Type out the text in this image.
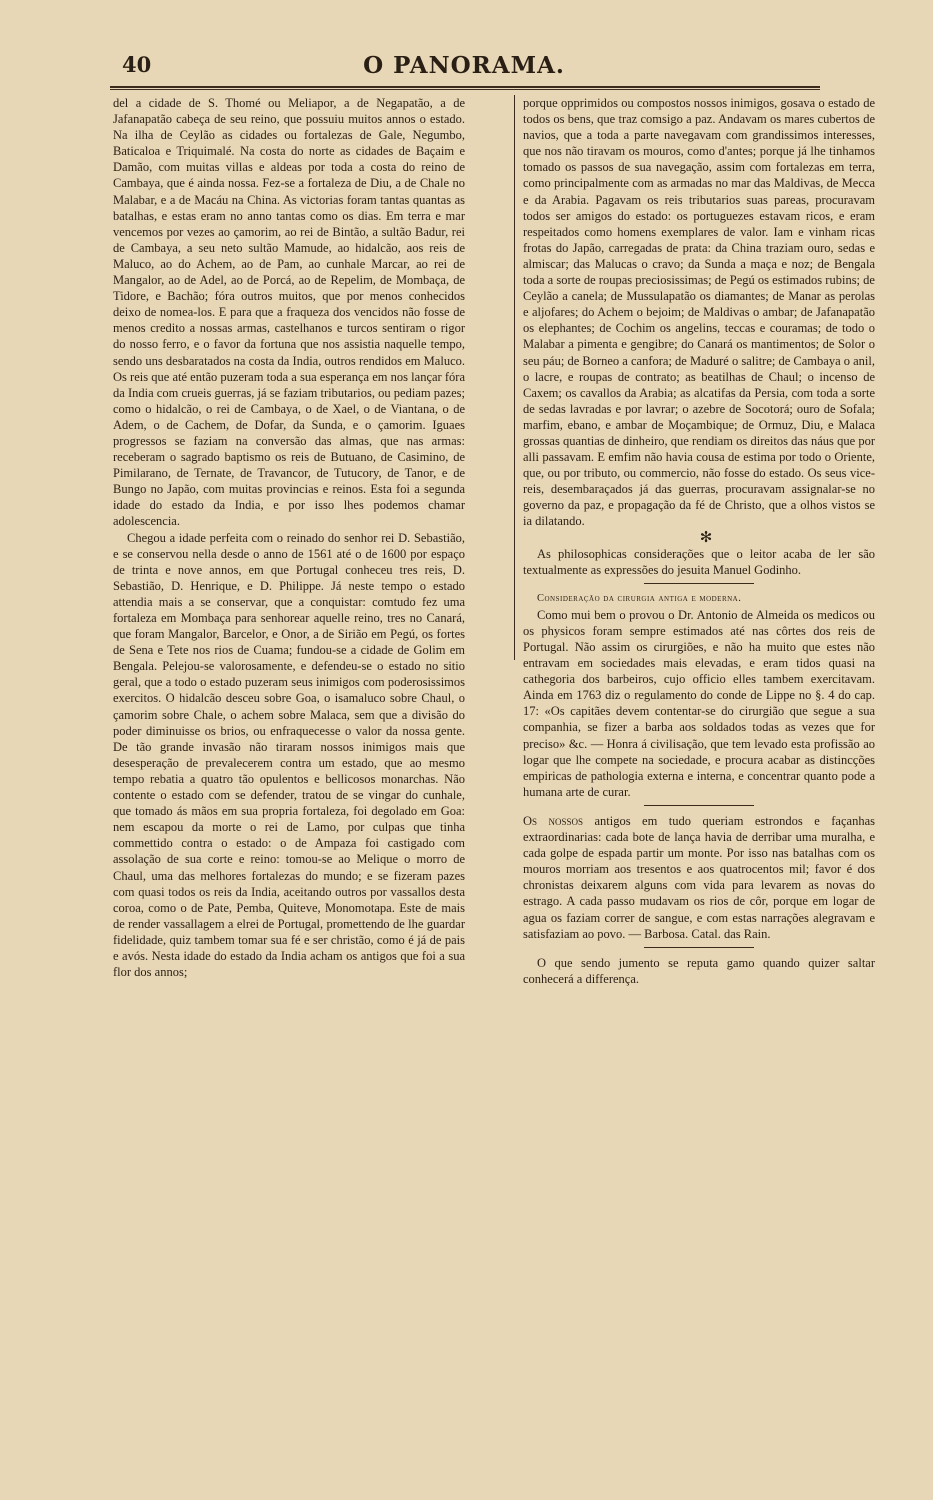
40	O PANORAMA.

del a cidade de S. Thomé ou Meliapor, a de Negapatão, a de Jafanapatão cabeça de seu reino, que possuiu muitos annos o estado. Na ilha de Ceylão as cidades ou fortalezas de Gale, Negumbo, Baticaloa e Triquimalé. Na costa do norte as cidades de Baçaim e Damão, com muitas villas e aldeas por toda a costa do reino de Cambaya, que é ainda nossa. Fez-se a fortaleza de Diu, a de Chale no Malabar, e a de Macáu na China. As victorias foram tantas quantas as batalhas, e estas eram no anno tantas como os dias. Em terra e mar vencemos por vezes ao çamorim, ao rei de Bintão, a sultão Badur, rei de Cambaya, a seu neto sultão Mamude, ao hidalcão, aos reis de Maluco, ao do Achem, ao de Pam, ao cunhale Marcar, ao rei de Mangalor, ao de Adel, ao de Porcá, ao de Repelim, de Mombaça, de Tidore, e Bachão; fóra outros muitos, que por menos conhecidos deixo de nomea-los. E para que a fraqueza dos vencidos não fosse de menos credito a nossas armas, castelhanos e turcos sentiram o rigor do nosso ferro, e o favor da fortuna que nos assistia naquelle tempo, sendo uns desbaratados na costa da India, outros rendidos em Maluco. Os reis que até então puzeram toda a sua esperança em nos lançar fóra da India com crueis guerras, já se faziam tributarios, ou pediam pazes; como o hidalcão, o rei de Cambaya, o de Xael, o de Viantana, o de Adem, o de Cachem, de Dofar, da Sunda, e o çamorim. Iguaes progressos se faziam na conversão das almas, que nas armas: receberam o sagrado baptismo os reis de Butuano, de Casimino, de Pimilarano, de Ternate, de Travancor, de Tutucory, de Tanor, e de Bungo no Japão, com muitas provincias e reinos. Esta foi a segunda idade do estado da India, e por isso lhes podemos chamar adolescencia.

Chegou a idade perfeita com o reinado do senhor rei D. Sebastião, e se conservou nella desde o anno de 1561 até o de 1600 por espaço de trinta e nove annos, em que Portugal conheceu tres reis, D. Sebastião, D. Henrique, e D. Philippe. Já neste tempo o estado attendia mais a se conservar, que a conquistar: comtudo fez uma fortaleza em Mombaça para senhorear aquelle reino, tres no Canará, que foram Mangalor, Barcelor, e Onor, a de Sirião em Pegú, os fortes de Sena e Tete nos rios de Cuama; fundou-se a cidade de Golim em Bengala. Pelejou-se valorosamente, e defendeu-se o estado no sitio geral, que a todo o estado puzeram seus inimigos com poderosissimos exercitos. O hidalcão desceu sobre Goa, o isamaluco sobre Chaul, o çamorim sobre Chale, o achem sobre Malaca, sem que a divisão do poder diminuisse os brios, ou enfraquecesse o valor da nossa gente. De tão grande invasão não tiraram nossos inimigos mais que desesperação de prevalecerem contra um estado, que ao mesmo tempo rebatia a quatro tão opulentos e bellicosos monarchas. Não contente o estado com se defender, tratou de se vingar do cunhale, que tomado ás mãos em sua propria fortaleza, foi degolado em Goa: nem escapou da morte o rei de Lamo, por culpas que tinha commettido contra o estado: o de Ampaza foi castigado com assolação de sua corte e reino: tomou-se ao Melique o morro de Chaul, uma das melhores fortalezas do mundo; e se fizeram pazes com quasi todos os reis da India, aceitando outros por vassallos desta coroa, como o de Pate, Pemba, Quiteve, Monomotapa. Este de mais de render vassallagem a elrei de Portugal, promettendo de lhe guardar fidelidade, quiz tambem tomar sua fé e ser christão, como é já de pais e avós. Nesta idade do estado da India acham os antigos que foi a sua flor dos annos;

porque opprimidos ou compostos nossos inimigos, gosava o estado de todos os bens, que traz comsigo a paz. Andavam os mares cubertos de navios, que a toda a parte navegavam com grandissimos interesses, que nos não tiravam os mouros, como d'antes; porque já lhe tinhamos tomado os passos de sua navegação, assim com fortalezas em terra, como principalmente com as armadas no mar das Maldivas, de Mecca e da Arabia. Pagavam os reis tributarios suas pareas, procuravam todos ser amigos do estado: os portuguezes estavam ricos, e eram respeitados como homens exemplares de valor. Iam e vinham ricas frotas do Japão, carregadas de prata: da China traziam ouro, sedas e almiscar; das Malucas o cravo; da Sunda a maça e noz; de Bengala toda a sorte de roupas preciosissimas; de Pegú os estimados rubins; de Ceylão a canela; de Mussulapatão os diamantes; de Manar as perolas e aljofares; do Achem o bejoim; de Maldivas o ambar; de Jafanapatão os elephantes; de Cochim os angelins, teccas e couramas; de todo o Malabar a pimenta e gengibre; do Canará os mantimentos; de Solor o seu páu; de Borneo a canfora; de Maduré o salitre; de Cambaya o anil, o lacre, e roupas de contrato; as beatilhas de Chaul; o incenso de Caxem; os cavallos da Arabia; as alcatifas da Persia, com toda a sorte de sedas lavradas e por lavrar; o azebre de Socotorá; ouro de Sofala; marfim, ebano, e ambar de Moçambique; de Ormuz, Diu, e Malaca grossas quantias de dinheiro, que rendiam os direitos das náus que por alli passavam. E emfim não havia cousa de estima por todo o Oriente, que, ou por tributo, ou commercio, não fosse do estado. Os seus vice-reis, desembaraçados já das guerras, procuravam assignalar-se no governo da paz, e propagação da fé de Christo, que a olhos vistos se ia dilatando.

✻

As philosophicas considerações que o leitor acaba de ler são textualmente as expressões do jesuita Manuel Godinho.

Consideração da cirurgia antiga e moderna.

Como mui bem o provou o Dr. Antonio de Almeida os medicos ou os physicos foram sempre estimados até nas côrtes dos reis de Portugal. Não assim os cirurgiões, e não ha muito que estes não entravam em sociedades mais elevadas, e eram tidos quasi na cathegoria dos barbeiros, cujo officio elles tambem exercitavam. Ainda em 1763 diz o regulamento do conde de Lippe no §. 4 do cap. 17: «Os capitães devem contentar-se do cirurgião que segue a sua companhia, se fizer a barba aos soldados todas as vezes que for preciso» &c. — Honra á civilisação, que tem levado esta profissão ao logar que lhe compete na sociedade, e procura acabar as distincções empiricas de pathologia externa e interna, e concentrar quanto pode a humana arte de curar.

Os nossos antigos em tudo queriam estrondos e façanhas extraordinarias: cada bote de lança havia de derribar uma muralha, e cada golpe de espada partir um monte. Por isso nas batalhas com os mouros morriam aos tresentos e aos quatrocentos mil; favor é dos chronistas deixarem alguns com vida para levarem as novas do estrago. A cada passo mudavam os rios de côr, porque em logar de agua os faziam correr de sangue, e com estas narrações alegravam e satisfaziam ao povo. — Barbosa. Catal. das Rain.

O que sendo jumento se reputa gamo quando quizer saltar conhecerá a differença.
